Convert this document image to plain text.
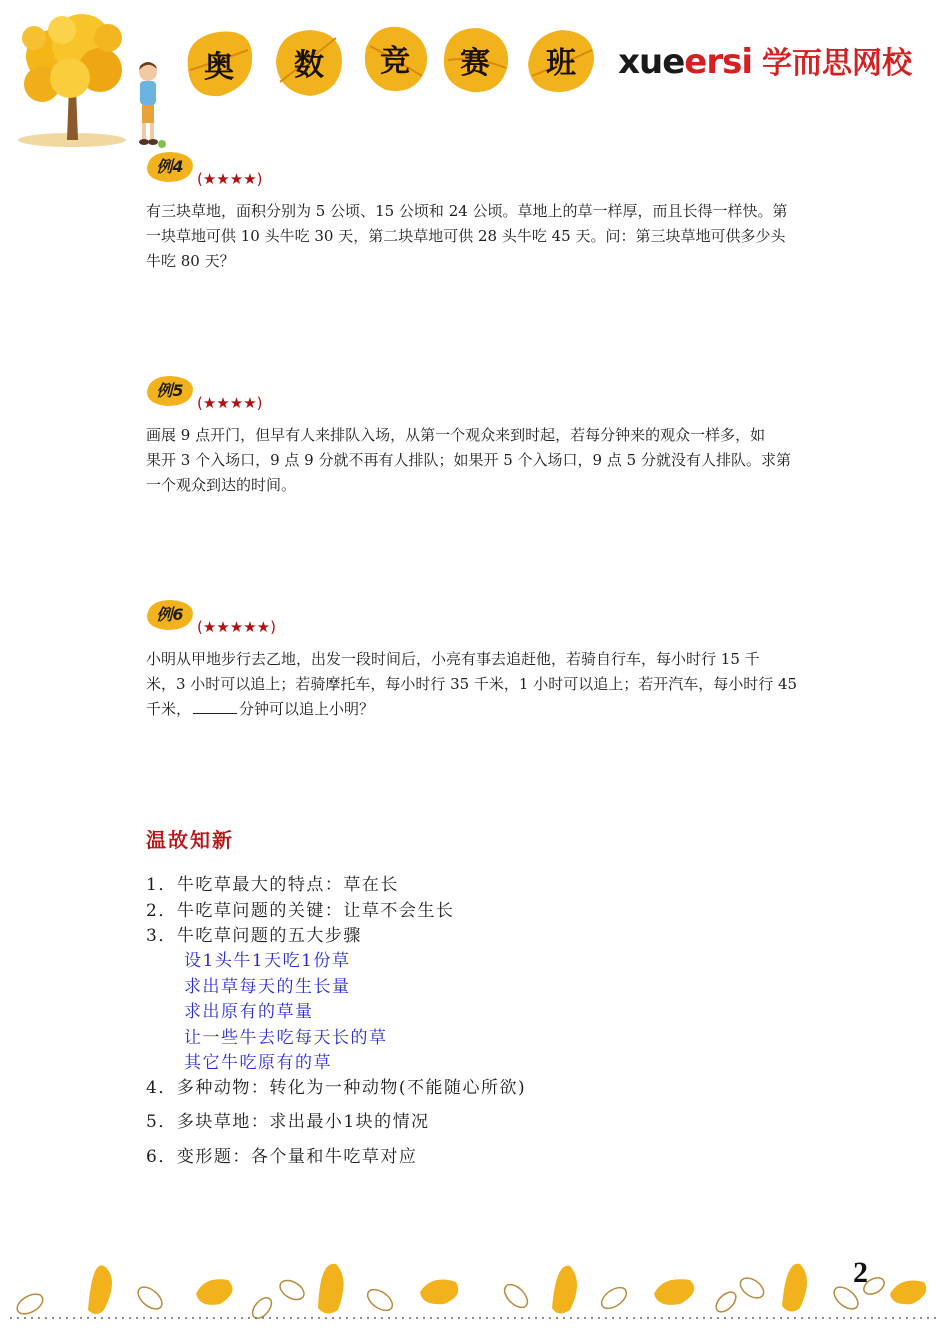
奥	数	竞	赛	班	xueersi 学而思网校
例4
(★★★★)
有三块草地，面积分别为 5 公顷、15 公顷和 24 公顷。草地上的草一样厚，而且长得一样快。第
一块草地可供 10 头牛吃 30 天，第二块草地可供 28 头牛吃 45 天。问：第三块草地可供多少头
牛吃 80 天？
例5
(★★★★)
画展 9 点开门，但早有人来排队入场，从第一个观众来到时起，若每分钟来的观众一样多，如
果开 3 个入场口，9 点 9 分就不再有人排队；如果开 5 个入场口，9 点 5 分就没有人排队。求第
一个观众到达的时间。
例6
(★★★★★)
小明从甲地步行去乙地，出发一段时间后，小亮有事去追赶他，若骑自行车，每小时行 15 千
米，3 小时可以追上；若骑摩托车，每小时行 35 千米，1 小时可以追上；若开汽车，每小时行 45
千米，	分钟可以追上小明？
温故知新
1．牛吃草最大的特点：草在长
2．牛吃草问题的关键：让草不会生长
3．牛吃草问题的五大步骤
设1头牛1天吃1份草
求出草每天的生长量
求出原有的草量
让一些牛去吃每天长的草
其它牛吃原有的草
4．多种动物：转化为一种动物(不能随心所欲)
5．多块草地：求出最小1块的情况
6．变形题：各个量和牛吃草对应
2
